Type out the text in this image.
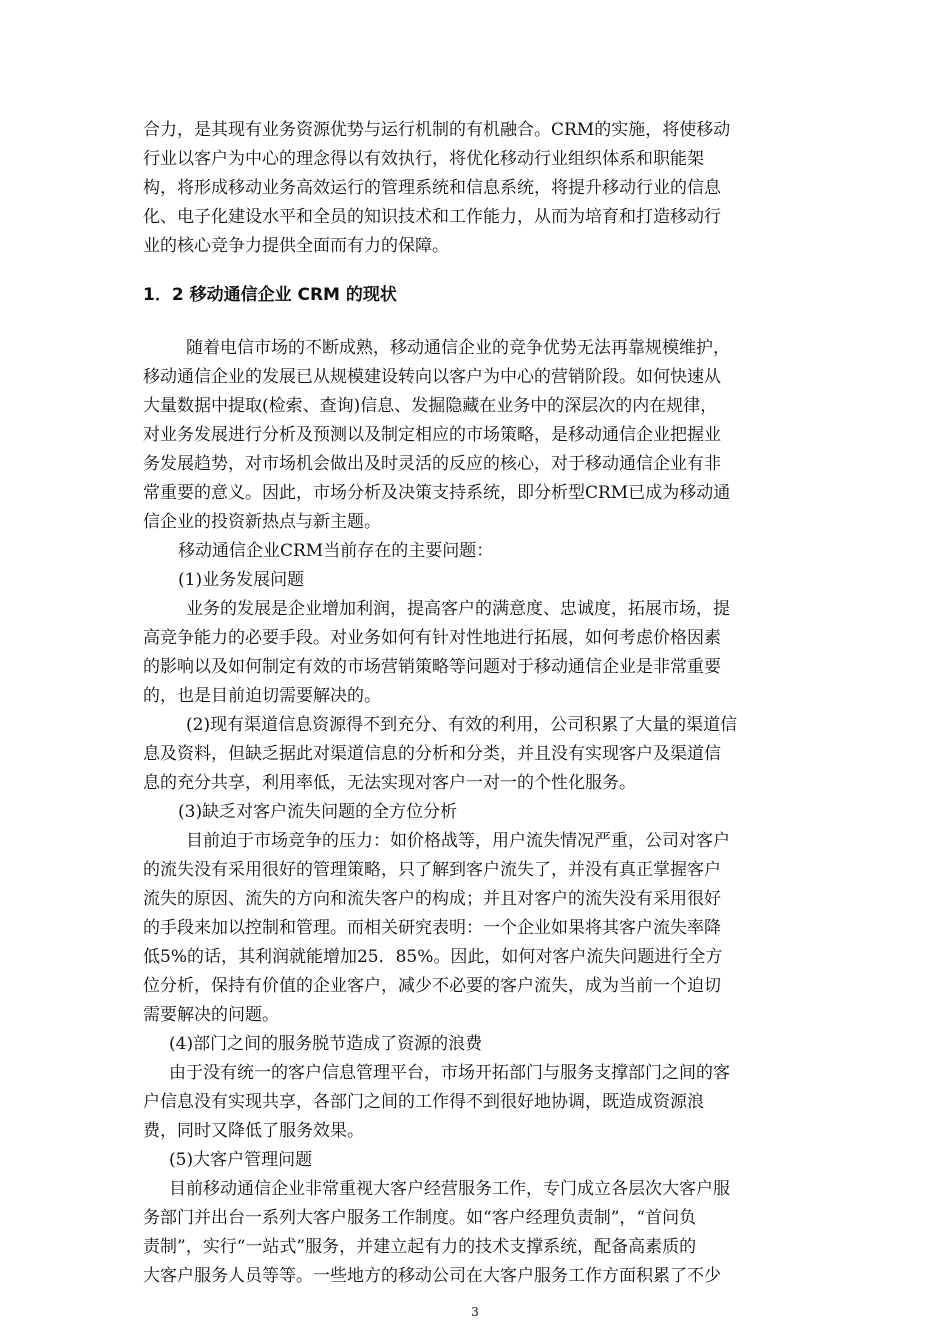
合力，是其现有业务资源优势与运行机制的有机融合。CRM的实施，将使移动
行业以客户为中心的理念得以有效执行，将优化移动行业组织体系和职能架
构，将形成移动业务高效运行的管理系统和信息系统，将提升移动行业的信息
化、电子化建设水平和全员的知识技术和工作能力，从而为培育和打造移动行
业的核心竞争力提供全面而有力的保障。
1．2 移动通信企业 CRM 的现状
随着电信市场的不断成熟，移动通信企业的竞争优势无法再靠规模维护，
移动通信企业的发展已从规模建设转向以客户为中心的营销阶段。如何快速从
大量数据中提取(检索、查询)信息、发掘隐藏在业务中的深层次的内在规律，
对业务发展进行分析及预测以及制定相应的市场策略，是移动通信企业把握业
务发展趋势，对市场机会做出及时灵活的反应的核心，对于移动通信企业有非
常重要的意义。因此，市场分析及决策支持系统，即分析型CRM已成为移动通
信企业的投资新热点与新主题。
移动通信企业CRM当前存在的主要问题：
(1)业务发展问题
业务的发展是企业增加利润，提高客户的满意度、忠诚度，拓展市场，提
高竞争能力的必要手段。对业务如何有针对性地进行拓展，如何考虑价格因素
的影响以及如何制定有效的市场营销策略等问题对于移动通信企业是非常重要
的，也是目前迫切需要解决的。
(2)现有渠道信息资源得不到充分、有效的利用，公司积累了大量的渠道信
息及资料，但缺乏据此对渠道信息的分析和分类，并且没有实现客户及渠道信
息的充分共享，利用率低，无法实现对客户一对一的个性化服务。
(3)缺乏对客户流失问题的全方位分析
目前迫于市场竞争的压力：如价格战等，用户流失情况严重，公司对客户
的流失没有采用很好的管理策略，只了解到客户流失了，并没有真正掌握客户
流失的原因、流失的方向和流失客户的构成；并且对客户的流失没有采用很好
的手段来加以控制和管理。而相关研究表明：一个企业如果将其客户流失率降
低5%的话，其利润就能增加25．85%。因此，如何对客户流失问题进行全方
位分析，保持有价值的企业客户，减少不必要的客户流失，成为当前一个迫切
需要解决的问题。
(4)部门之间的服务脱节造成了资源的浪费
由于没有统一的客户信息管理平台，市场开拓部门与服务支撑部门之间的客
户信息没有实现共享，各部门之间的工作得不到很好地协调，既造成资源浪
费，同时又降低了服务效果。
(5)大客户管理问题
目前移动通信企业非常重视大客户经营服务工作，专门成立各层次大客户服
务部门并出台一系列大客户服务工作制度。如“客户经理负责制”，“首问负
责制”，实行“一站式”服务，并建立起有力的技术支撑系统，配备高素质的
大客户服务人员等等。一些地方的移动公司在大客户服务工作方面积累了不少
3
